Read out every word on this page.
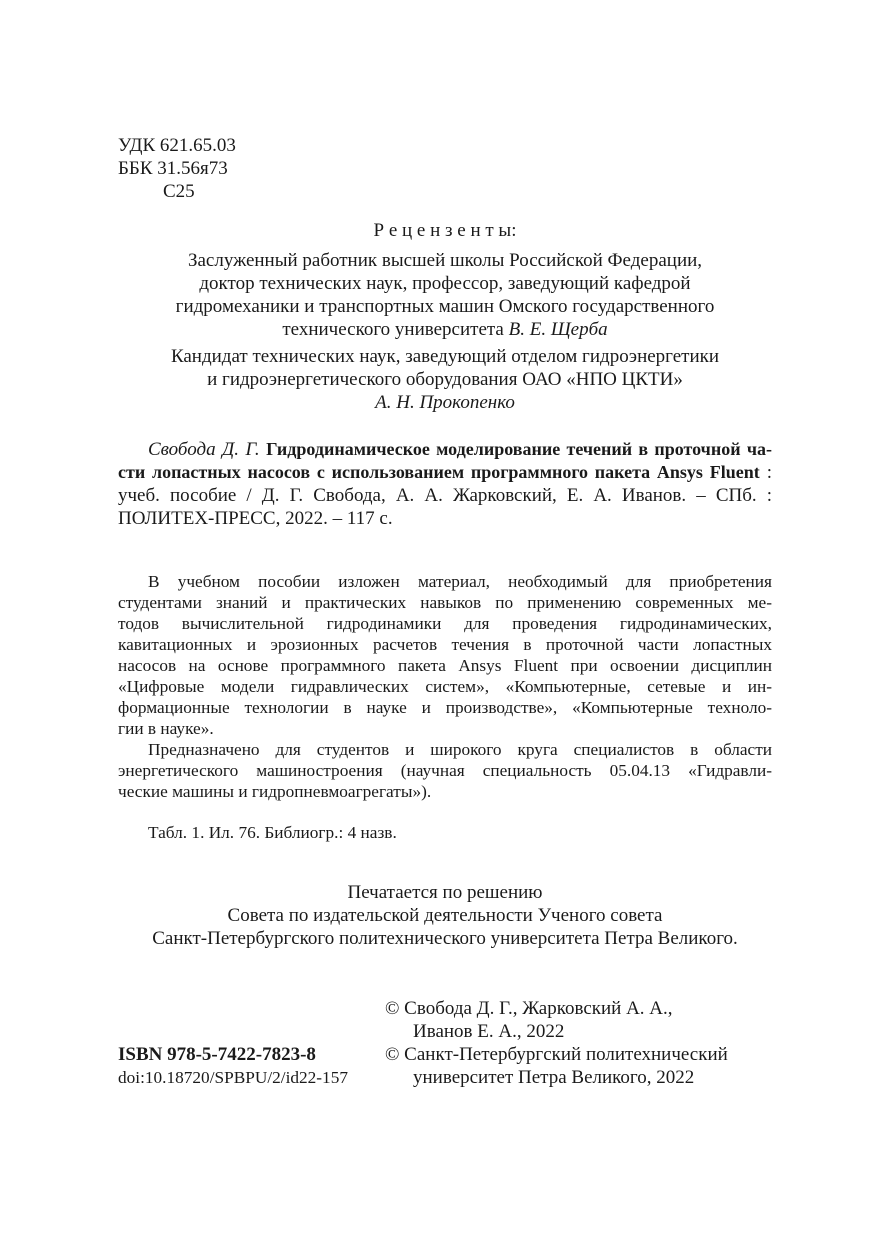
УДК 621.65.03
ББК 31.56я73
С25
Р е ц е н з е н т ы:
Заслуженный работник высшей школы Российской Федерации,
доктор технических наук, профессор, заведующий кафедрой
гидромеханики и транспортных машин Омского государственного
технического университета В. Е. Щерба
Кандидат технических наук, заведующий отделом гидроэнергетики
и гидроэнергетического оборудования ОАО «НПО ЦКТИ»
А. Н. Прокопенко
Свобода Д. Г. Гидродинамическое моделирование течений в проточной ча-
сти лопастных насосов с использованием программного пакета Ansys Fluent :
учеб. пособие / Д. Г. Свобода, А. А. Жарковский, Е. А. Иванов. – СПб. :
ПОЛИТЕХ-ПРЕСС, 2022. – 117 с.
В учебном пособии изложен материал, необходимый для приобретения
студентами знаний и практических навыков по применению современных ме-
тодов вычислительной гидродинамики для проведения гидродинамических,
кавитационных и эрозионных расчетов течения в проточной части лопастных
насосов на основе программного пакета Ansys Fluent при освоении дисциплин
«Цифровые модели гидравлических систем», «Компьютерные, сетевые и ин-
формационные технологии в науке и производстве», «Компьютерные техноло-
гии в науке».
Предназначено для студентов и широкого круга специалистов в области
энергетического машиностроения (научная специальность 05.04.13 «Гидравли-
ческие машины и гидропневмоагрегаты»).
Табл. 1. Ил. 76. Библиогр.: 4 назв.
Печатается по решению
Совета по издательской деятельности Ученого совета
Санкт-Петербургского политехнического университета Петра Великого.
© Свобода Д. Г., Жарковский А. А.,
Иванов Е. А., 2022
© Санкт-Петербургский политехнический
университет Петра Великого, 2022
ISBN 978-5-7422-7823-8
doi:10.18720/SPBPU/2/id22-157
